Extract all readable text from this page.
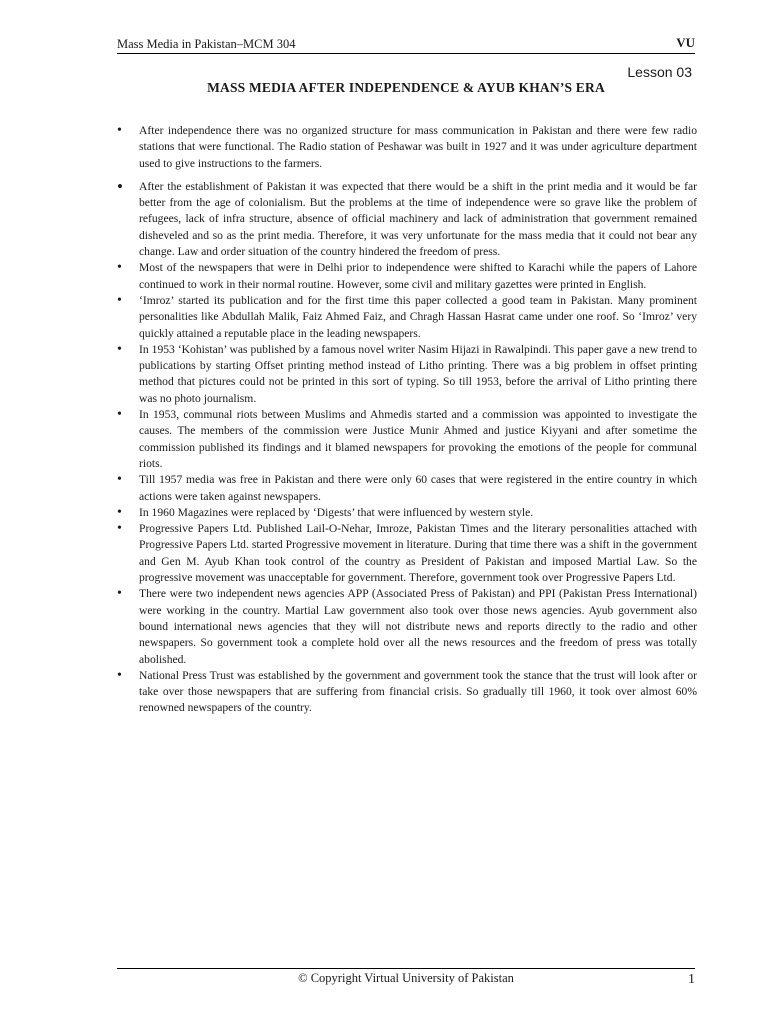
Mass Media in Pakistan–MCM 304	VU
Lesson 03
MASS MEDIA AFTER INDEPENDENCE & AYUB KHAN’S ERA
• After independence there was no organized structure for mass communication in Pakistan and there were few radio stations that were functional. The Radio station of Peshawar was built in 1927 and it was under agriculture department used to give instructions to the farmers.
• After the establishment of Pakistan it was expected that there would be a shift in the print media and it would be far better from the age of colonialism. But the problems at the time of independence were so grave like the problem of refugees, lack of infra structure, absence of official machinery and lack of administration that government remained disheveled and so as the print media. Therefore, it was very unfortunate for the mass media that it could not bear any change. Law and order situation of the country hindered the freedom of press.
• Most of the newspapers that were in Delhi prior to independence were shifted to Karachi while the papers of Lahore continued to work in their normal routine. However, some civil and military gazettes were printed in English.
• ‘Imroz’ started its publication and for the first time this paper collected a good team in Pakistan. Many prominent personalities like Abdullah Malik, Faiz Ahmed Faiz, and Chragh Hassan Hasrat came under one roof. So ‘Imroz’ very quickly attained a reputable place in the leading newspapers.
• In 1953 ‘Kohistan’ was published by a famous novel writer Nasim Hijazi in Rawalpindi. This paper gave a new trend to publications by starting Offset printing method instead of Litho printing. There was a big problem in offset printing method that pictures could not be printed in this sort of typing. So till 1953, before the arrival of Litho printing there was no photo journalism.
• In 1953, communal riots between Muslims and Ahmedis started and a commission was appointed to investigate the causes. The members of the commission were Justice Munir Ahmed and justice Kiyyani and after sometime the commission published its findings and it blamed newspapers for provoking the emotions of the people for communal riots.
• Till 1957 media was free in Pakistan and there were only 60 cases that were registered in the entire country in which actions were taken against newspapers.
• In 1960 Magazines were replaced by ‘Digests’ that were influenced by western style.
• Progressive Papers Ltd. Published Lail-O-Nehar, Imroze, Pakistan Times and the literary personalities attached with Progressive Papers Ltd. started Progressive movement in literature. During that time there was a shift in the government and Gen M. Ayub Khan took control of the country as President of Pakistan and imposed Martial Law. So the progressive movement was unacceptable for government. Therefore, government took over Progressive Papers Ltd.
• There were two independent news agencies APP (Associated Press of Pakistan) and PPI (Pakistan Press International) were working in the country. Martial Law government also took over those news agencies. Ayub government also bound international news agencies that they will not distribute news and reports directly to the radio and other newspapers. So government took a complete hold over all the news resources and the freedom of press was totally abolished.
• National Press Trust was established by the government and government took the stance that the trust will look after or take over those newspapers that are suffering from financial crisis. So gradually till 1960, it took over almost 60% renowned newspapers of the country.
© Copyright Virtual University of Pakistan	1
